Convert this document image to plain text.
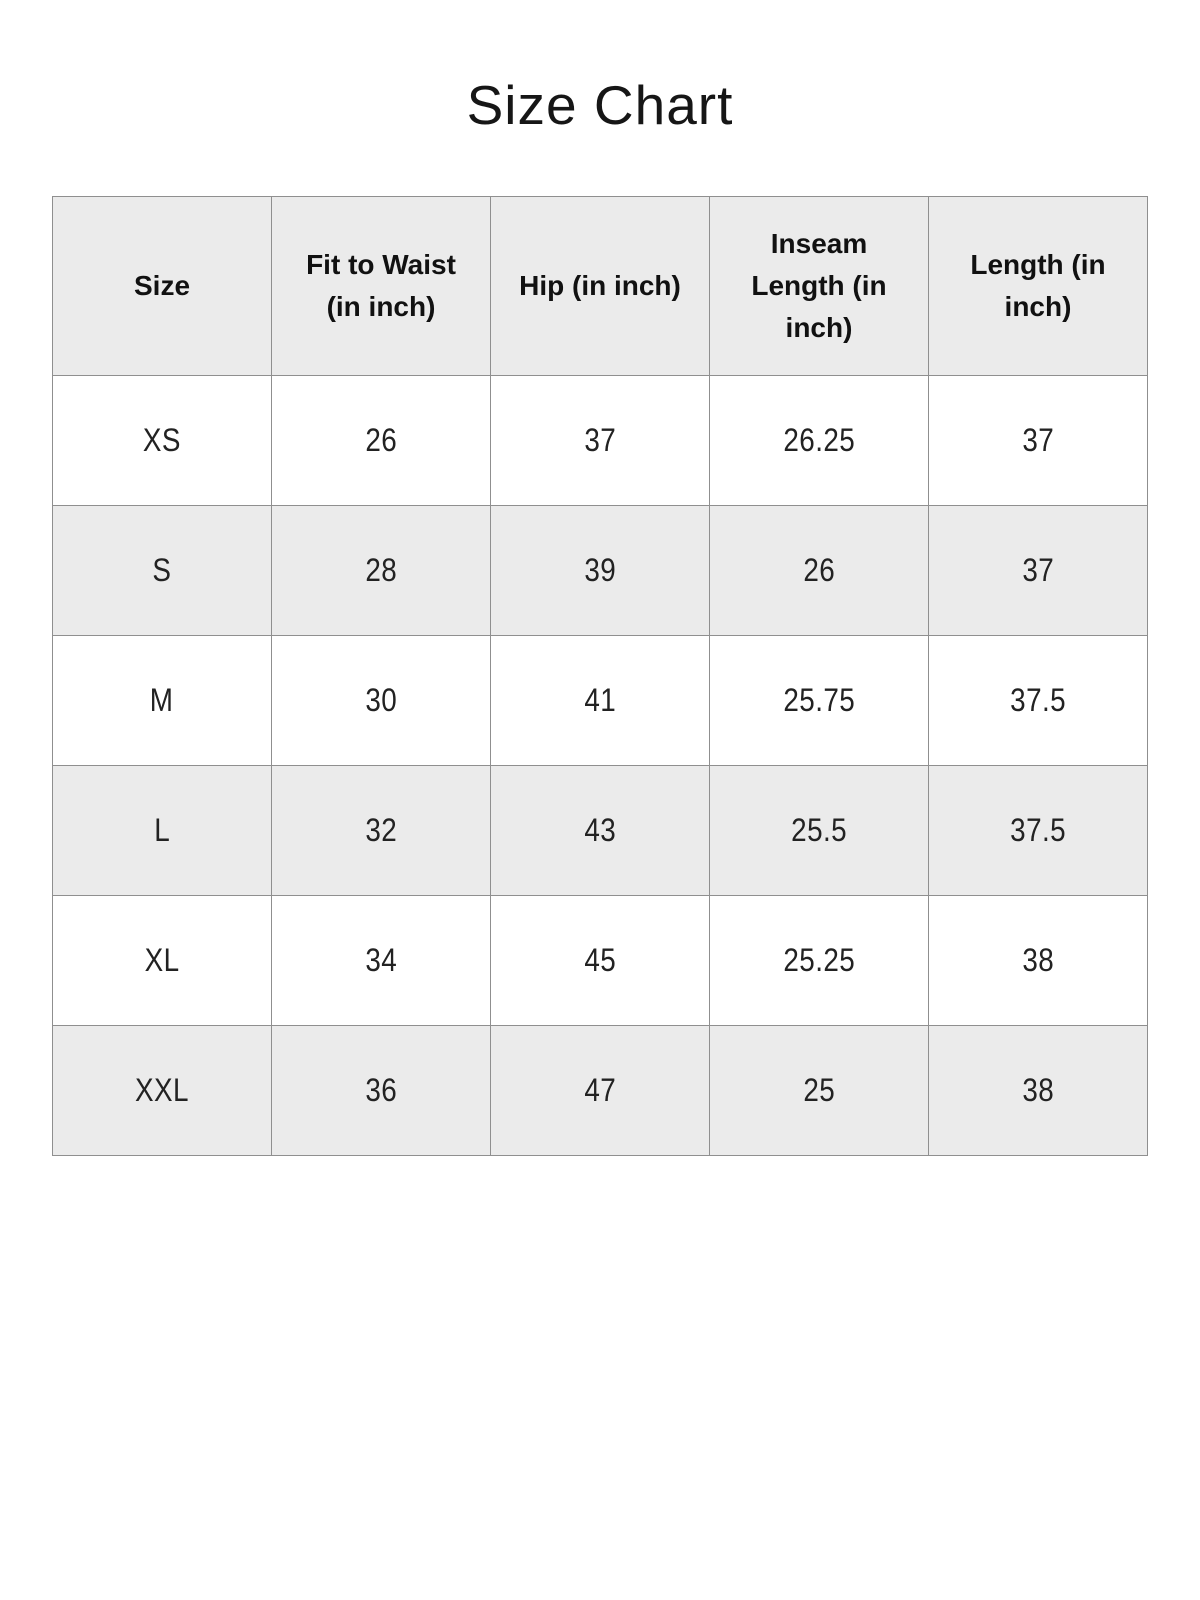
Size Chart
Size	Fit to Waist (in inch)	Hip (in inch)	Inseam Length (in inch)	Length (in inch)
XS	26	37	26.25	37
S	28	39	26	37
M	30	41	25.75	37.5
L	32	43	25.5	37.5
XL	34	45	25.25	38
XXL	36	47	25	38
